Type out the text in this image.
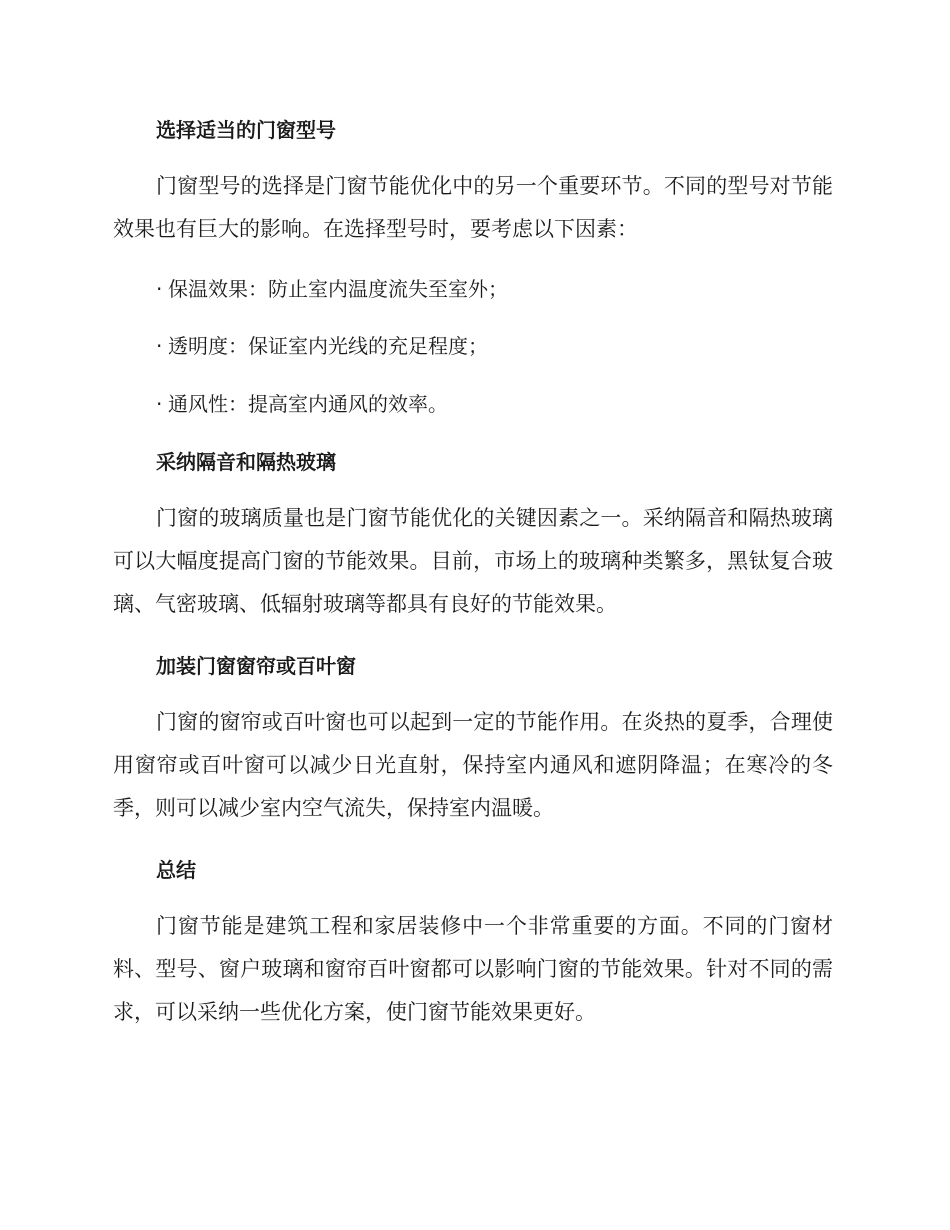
选择适当的门窗型号

门窗型号的选择是门窗节能优化中的另一个重要环节。不同的型号对节能效果也有巨大的影响。在选择型号时，要考虑以下因素：

· 保温效果：防止室内温度流失至室外；
· 透明度：保证室内光线的充足程度；
· 通风性：提高室内通风的效率。
采纳隔音和隔热玻璃

门窗的玻璃质量也是门窗节能优化的关键因素之一。采纳隔音和隔热玻璃可以大幅度提高门窗的节能效果。目前，市场上的玻璃种类繁多，黑钛复合玻璃、气密玻璃、低辐射玻璃等都具有良好的节能效果。

加装门窗窗帘或百叶窗

门窗的窗帘或百叶窗也可以起到一定的节能作用。在炎热的夏季，合理使用窗帘或百叶窗可以减少日光直射，保持室内通风和遮阴降温；在寒冷的冬季，则可以减少室内空气流失，保持室内温暖。

总结

门窗节能是建筑工程和家居装修中一个非常重要的方面。不同的门窗材料、型号、窗户玻璃和窗帘百叶窗都可以影响门窗的节能效果。针对不同的需求，可以采纳一些优化方案，使门窗节能效果更好。
